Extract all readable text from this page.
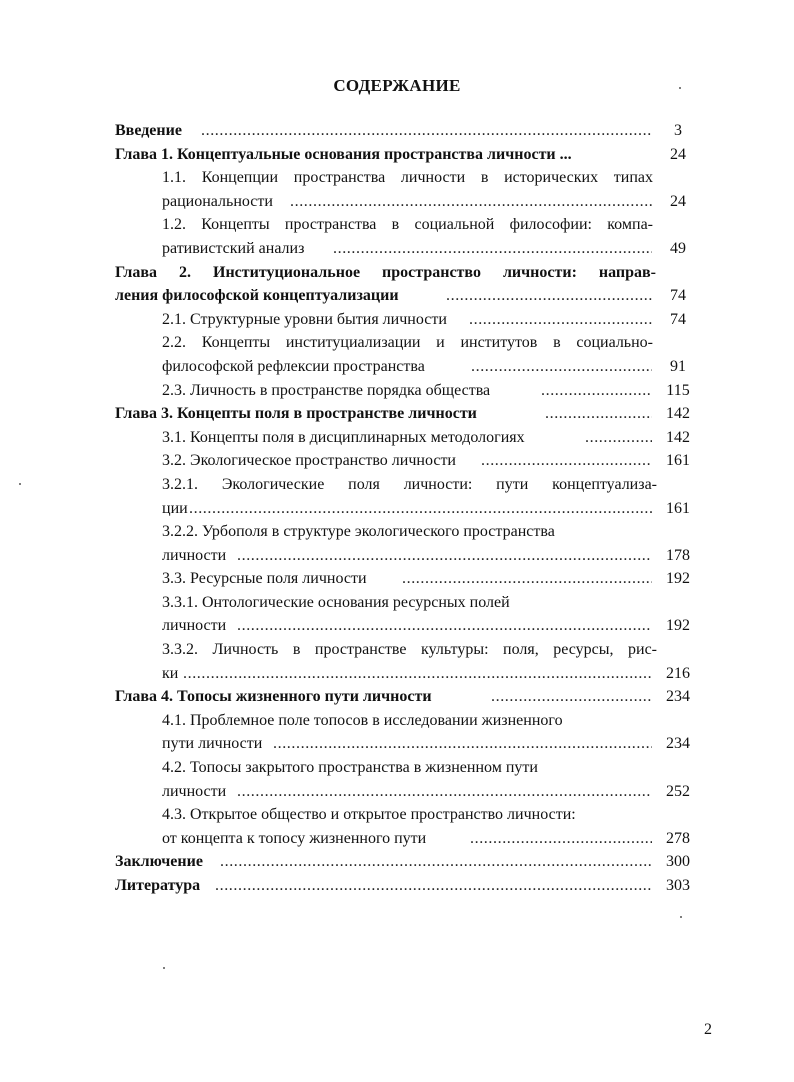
СОДЕРЖАНИЕ
Введение .....	3
Глава 1. Концептуальные основания пространства личности ...	24
1.1. Концепции пространства личности в исторических типах
рациональности .....	24
1.2. Концепты пространства в социальной философии: компа-
ративистский анализ .....	49
Глава 2. Институциональное пространство личности: направ-
ления философской концептуализации .....	74
2.1. Структурные уровни бытия личности .....	74
2.2. Концепты институциализации и институтов в социально-
философской рефлексии пространства .....	91
2.3. Личность в пространстве порядка общества .....	115
Глава 3. Концепты поля в пространстве личности .....	142
3.1. Концепты поля в дисциплинарных методологиях .....	142
3.2. Экологическое пространство личности .....	161
3.2.1. Экологические поля личности: пути концептуализа-
ции .....	161
3.2.2. Урбополя в структуре экологического пространства
личности .....	178
3.3. Ресурсные поля личности .....	192
3.3.1. Онтологические основания ресурсных полей
личности .....	192
3.3.2. Личность в пространстве культуры: поля, ресурсы, рис-
ки .....	216
Глава 4. Топосы жизненного пути личности .....	234
4.1. Проблемное поле топосов в исследовании жизненного
пути личности .....	234
4.2. Топосы закрытого пространства в жизненном пути
личности .....	252
4.3. Открытое общество и открытое пространство личности:
от концепта к топосу жизненного пути .....	278
Заключение .....	300
Литература .....	303
2
